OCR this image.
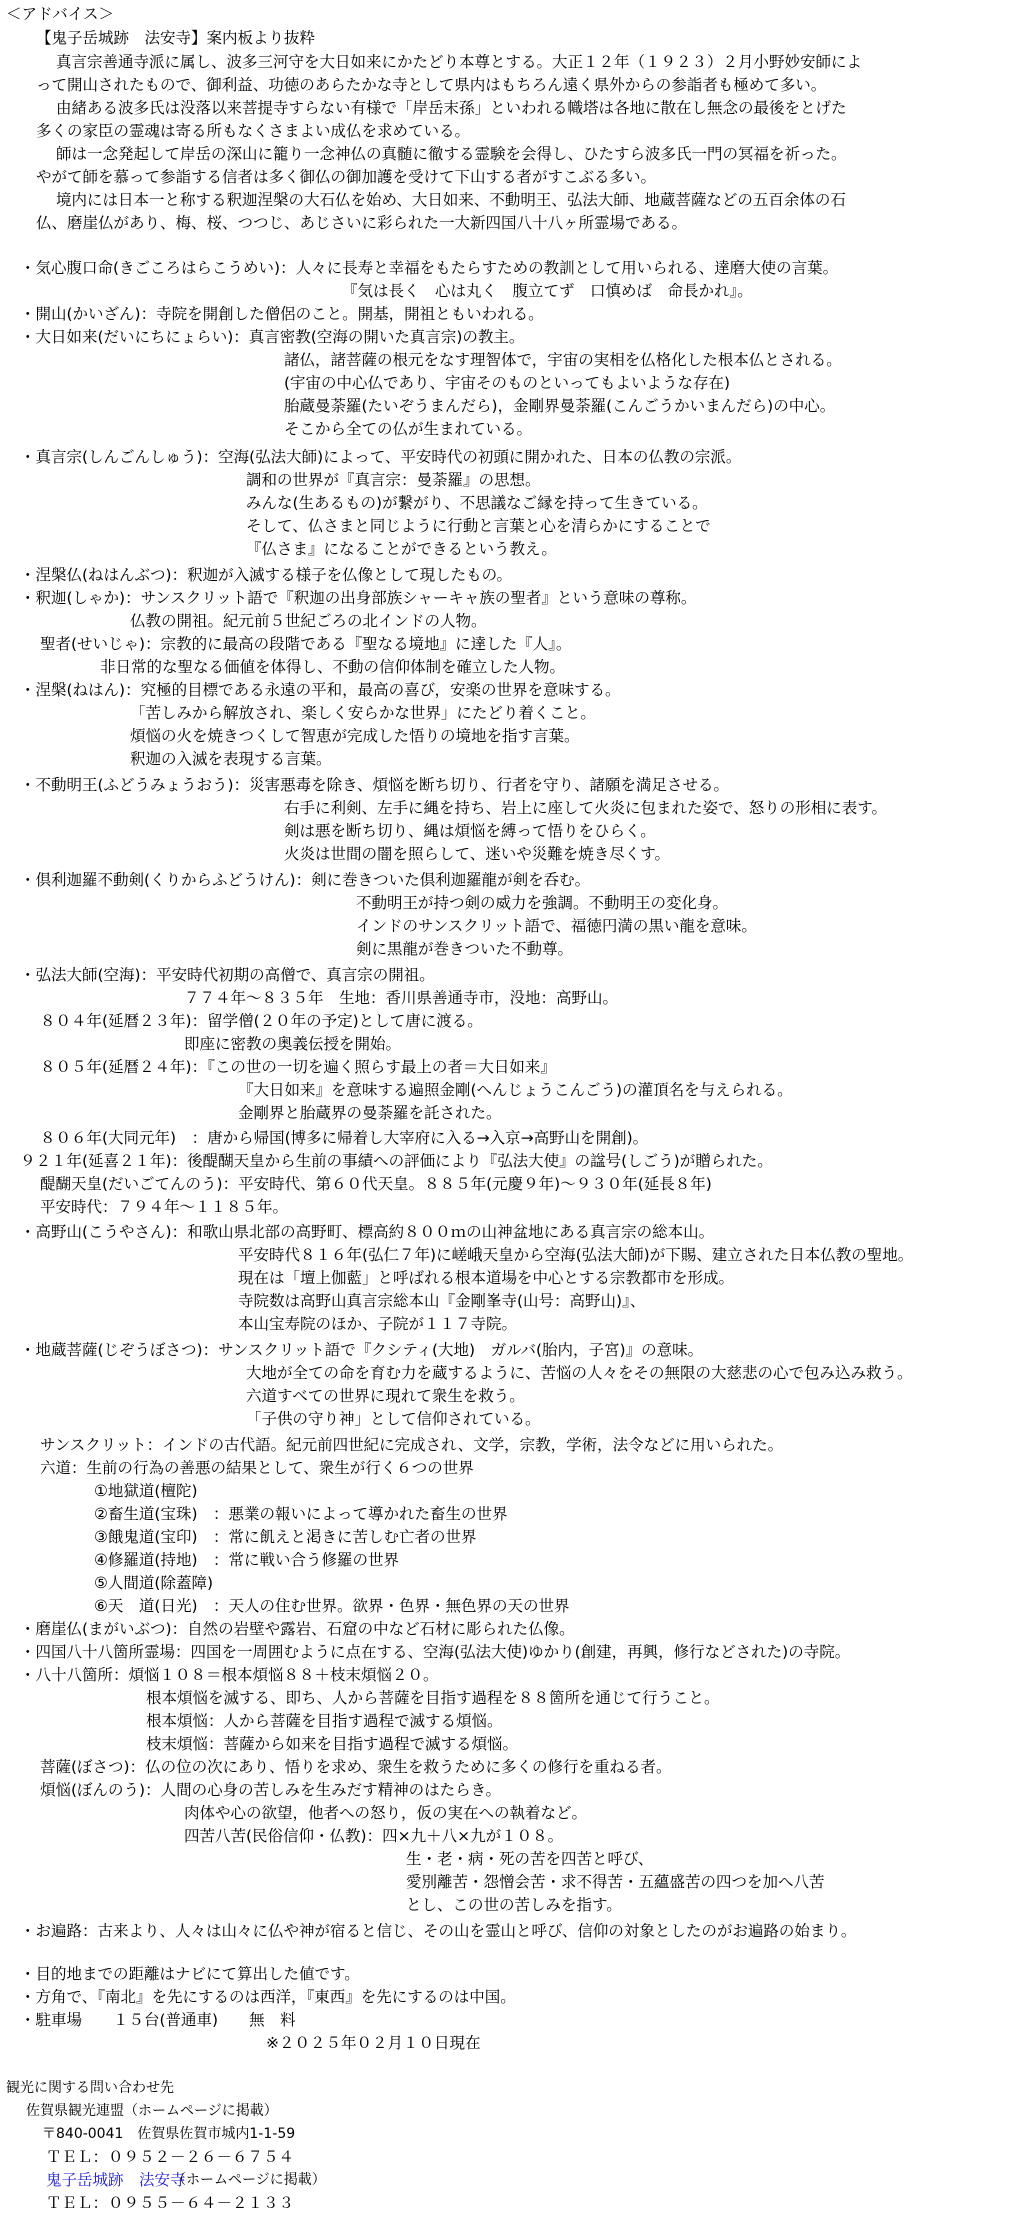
＜アドバイス＞
【鬼子岳城跡　法安寺】案内板より抜粋
真言宗善通寺派に属し、波多三河守を大日如来にかたどり本尊とする。大正１２年（１９２３）２月小野妙安師によ
って開山されたもので、御利益、功徳のあらたかな寺として県内はもちろん遠く県外からの参詣者も極めて多い。
由緒ある波多氏は没落以来菩提寺すらない有様で「岸岳末孫」といわれる幟塔は各地に散在し無念の最後をとげた
多くの家臣の霊魂は寄る所もなくさまよい成仏を求めている。
師は一念発起して岸岳の深山に籠り一念神仏の真髄に徹する霊験を会得し、ひたすら波多氏一門の冥福を祈った。
やがて師を慕って参詣する信者は多く御仏の御加護を受けて下山する者がすこぶる多い。
境内には日本一と称する釈迦涅槃の大石仏を始め、大日如来、不動明王、弘法大師、地蔵菩薩などの五百余体の石
仏、磨崖仏があり、梅、桜、つつじ、あじさいに彩られた一大新四国八十八ヶ所霊場である。
・気心腹口命(きごころはらこうめい)：人々に長寿と幸福をもたらすための教訓として用いられる、達磨大使の言葉。
『気は長く　心は丸く　腹立てず　口慎めば　命長かれ』。
・開山(かいざん)：寺院を開創した僧侶のこと。開基，開祖ともいわれる。
・大日如来(だいにちにょらい)：真言密教(空海の開いた真言宗)の教主。
諸仏，諸菩薩の根元をなす理智体で，宇宙の実相を仏格化した根本仏とされる。
(宇宙の中心仏であり、宇宙そのものといってもよいような存在)
胎蔵曼荼羅(たいぞうまんだら)，金剛界曼荼羅(こんごうかいまんだら)の中心。
そこから全ての仏が生まれている。
・真言宗(しんごんしゅう)：空海(弘法大師)によって、平安時代の初頭に開かれた、日本の仏教の宗派。
調和の世界が『真言宗：曼荼羅』の思想。
みんな(生あるもの)が繋がり、不思議なご縁を持って生きている。
そして、仏さまと同じように行動と言葉と心を清らかにすることで
『仏さま』になることができるという教え。
・涅槃仏(ねはんぶつ)：釈迦が入滅する様子を仏像として現したもの。
・釈迦(しゃか)：サンスクリット語で『釈迦の出身部族シャーキャ族の聖者』という意味の尊称。
仏教の開祖。紀元前５世紀ごろの北インドの人物。
聖者(せいじゃ)：宗教的に最高の段階である『聖なる境地』に達した『人』。
非日常的な聖なる価値を体得し、不動の信仰体制を確立した人物。
・涅槃(ねはん)：究極的目標である永遠の平和，最高の喜び，安楽の世界を意味する。
「苦しみから解放され、楽しく安らかな世界」にたどり着くこと。
煩悩の火を焼きつくして智恵が完成した悟りの境地を指す言葉。
釈迦の入滅を表現する言葉。
・不動明王(ふどうみょうおう)：災害悪毒を除き、煩悩を断ち切り、行者を守り、諸願を満足させる。
右手に利剣、左手に縄を持ち、岩上に座して火炎に包まれた姿で、怒りの形相に表す。
剣は悪を断ち切り、縄は煩悩を縛って悟りをひらく。
火炎は世間の闇を照らして、迷いや災難を焼き尽くす。
・倶利迦羅不動剣(くりからふどうけん)：剣に巻きついた倶利迦羅龍が剣を呑む。
不動明王が持つ剣の威力を強調。不動明王の変化身。
インドのサンスクリット語で、福徳円満の黒い龍を意味。
剣に黒龍が巻きついた不動尊。
・弘法大師(空海)：平安時代初期の高僧で、真言宗の開祖。
７７４年～８３５年　生地：香川県善通寺市，没地：高野山。
８０４年(延暦２３年)：留学僧(２０年の予定)として唐に渡る。
即座に密教の奥義伝授を開始。
８０５年(延暦２４年)：『この世の一切を遍く照らす最上の者＝大日如来』
『大日如来』を意味する遍照金剛(へんじょうこんごう)の灌頂名を与えられる。
金剛界と胎蔵界の曼荼羅を託された。
８０６年(大同元年)　：唐から帰国(博多に帰着し大宰府に入る→入京→高野山を開創)。
９２１年(延喜２１年)：後醍醐天皇から生前の事績への評価により『弘法大使』の諡号(しごう)が贈られた。
醍醐天皇(だいごてんのう)：平安時代、第６０代天皇。８８５年(元慶９年)～９３０年(延長８年)
平安時代：７９４年～１１８５年。
・高野山(こうやさん)：和歌山県北部の高野町、標高約８００ｍの山神盆地にある真言宗の総本山。
平安時代８１６年(弘仁７年)に嵯峨天皇から空海(弘法大師)が下賜、建立された日本仏教の聖地。
現在は「壇上伽藍」と呼ばれる根本道場を中心とする宗教都市を形成。
寺院数は高野山真言宗総本山『金剛峯寺(山号：高野山)』、
本山宝寿院のほか、子院が１１７寺院。
・地蔵菩薩(じぞうぼさつ)：サンスクリット語で『クシティ(大地)　ガルバ(胎内，子宮)』の意味。
大地が全ての命を育む力を蔵するように、苦悩の人々をその無限の大慈悲の心で包み込み救う。
六道すべての世界に現れて衆生を救う。
「子供の守り神」として信仰されている。
サンスクリット：インドの古代語。紀元前四世紀に完成され、文学，宗教，学術，法令などに用いられた。
六道：生前の行為の善悪の結果として、衆生が行く６つの世界
①地獄道(檀陀)
②畜生道(宝珠)　：悪業の報いによって導かれた畜生の世界
③餓鬼道(宝印)　：常に飢えと渇きに苦しむ亡者の世界
④修羅道(持地)　：常に戦い合う修羅の世界
⑤人間道(除蓋障)
⑥天　道(日光)　：天人の住む世界。欲界・色界・無色界の天の世界
・磨崖仏(まがいぶつ)：自然の岩壁や露岩、石窟の中など石材に彫られた仏像。
・四国八十八箇所霊場：四国を一周囲むように点在する、空海(弘法大使)ゆかり(創建，再興，修行などされた)の寺院。
・八十八箇所：煩悩１０８＝根本煩悩８８＋枝末煩悩２０。
根本煩悩を滅する、即ち、人から菩薩を目指す過程を８８箇所を通じて行うこと。
根本煩悩：人から菩薩を目指す過程で滅する煩悩。
枝末煩悩：菩薩から如来を目指す過程で滅する煩悩。
菩薩(ぼさつ)：仏の位の次にあり、悟りを求め、衆生を救うために多くの修行を重ねる者。
煩悩(ぼんのう)：人間の心身の苦しみを生みだす精神のはたらき。
肉体や心の欲望，他者への怒り，仮の実在への執着など。
四苦八苦(民俗信仰・仏教)：四×九＋八×九が１０８。
生・老・病・死の苦を四苦と呼び、
愛別離苦・怨憎会苦・求不得苦・五蘊盛苦の四つを加へ八苦
とし、この世の苦しみを指す。
・お遍路：古来より、人々は山々に仏や神が宿ると信じ、その山を霊山と呼び、信仰の対象としたのがお遍路の始まり。
・目的地までの距離はナビにて算出した値です。
・方角で、『南北』を先にするのは西洋，『東西』を先にするのは中国。
・駐車場　　１５台(普通車)　　無　料
※２０２５年０２月１０日現在
観光に関する問い合わせ先
佐賀県観光連盟（ホームページに掲載）
〒840-0041　佐賀県佐賀市城内1-1-59
ＴＥＬ：０９５２－２６－６７５４
鬼子岳城跡　法安寺
（ホームページに掲載）
ＴＥＬ：０９５５－６４－２１３３
